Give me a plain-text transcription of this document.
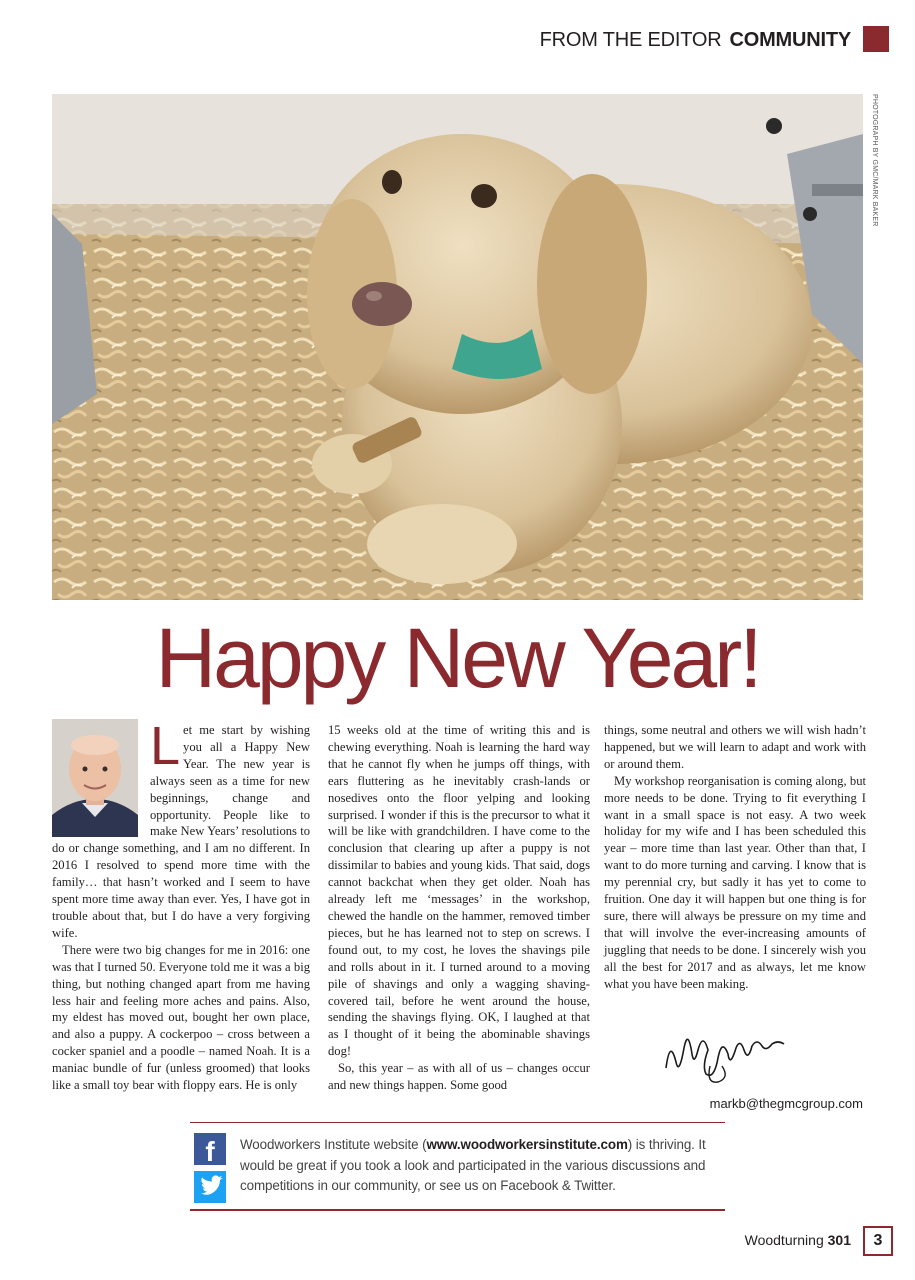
FROM THE EDITOR COMMUNITY
PHOTOGRAPH BY GMC/MARK BAKER
Happy New Year!

Let me start by wishing you all a Happy New Year. The new year is always seen as a time for new beginnings, change and opportunity. People like to make New Years’ resolutions to do or change something, and I am no different. In 2016 I resolved to spend more time with the family… that hasn’t worked and I seem to have spent more time away than ever. Yes, I have got in trouble about that, but I do have a very forgiving wife.

There were two big changes for me in 2016: one was that I turned 50. Everyone told me it was a big thing, but nothing changed apart from me having less hair and feeling more aches and pains. Also, my eldest has moved out, bought her own place, and also a puppy. A cockerpoo – cross between a cocker spaniel and a poodle – named Noah. It is a maniac bundle of fur (unless groomed) that looks like a small toy bear with floppy ears. He is only

15 weeks old at the time of writing this and is chewing everything. Noah is learning the hard way that he cannot fly when he jumps off things, with ears fluttering as he inevitably crash-lands or nosedives onto the floor yelping and looking surprised. I wonder if this is the precursor to what it will be like with grandchildren. I have come to the conclusion that clearing up after a puppy is not dissimilar to babies and young kids. That said, dogs cannot backchat when they get older. Noah has already left me ‘messages’ in the workshop, chewed the handle on the hammer, removed timber pieces, but he has learned not to step on screws. I found out, to my cost, he loves the shavings pile and rolls about in it. I turned around to a moving pile of shavings and only a wagging shaving-covered tail, before he went around the house, sending the shavings flying. OK, I laughed at that as I thought of it being the abominable shavings dog!

So, this year – as with all of us – changes occur and new things happen. Some good

things, some neutral and others we will wish hadn’t happened, but we will learn to adapt and work with or around them.

My workshop reorganisation is coming along, but more needs to be done. Trying to fit everything I want in a small space is not easy. A two week holiday for my wife and I has been scheduled this year – more time than last year. Other than that, I want to do more turning and carving. I know that is my perennial cry, but sadly it has yet to come to fruition. One day it will happen but one thing is for sure, there will always be pressure on my time and that will involve the ever-increasing amounts of juggling that needs to be done. I sincerely wish you all the best for 2017 and as always, let me know what you have been making.

markb@thegmcgroup.com
f	Woodworkers Institute website (www.woodworkersinstitute.com) is thriving. It would be great if you took a look and participated in the various discussions and competitions in our community, or see us on Facebook & Twitter.
Woodturning 301	3
